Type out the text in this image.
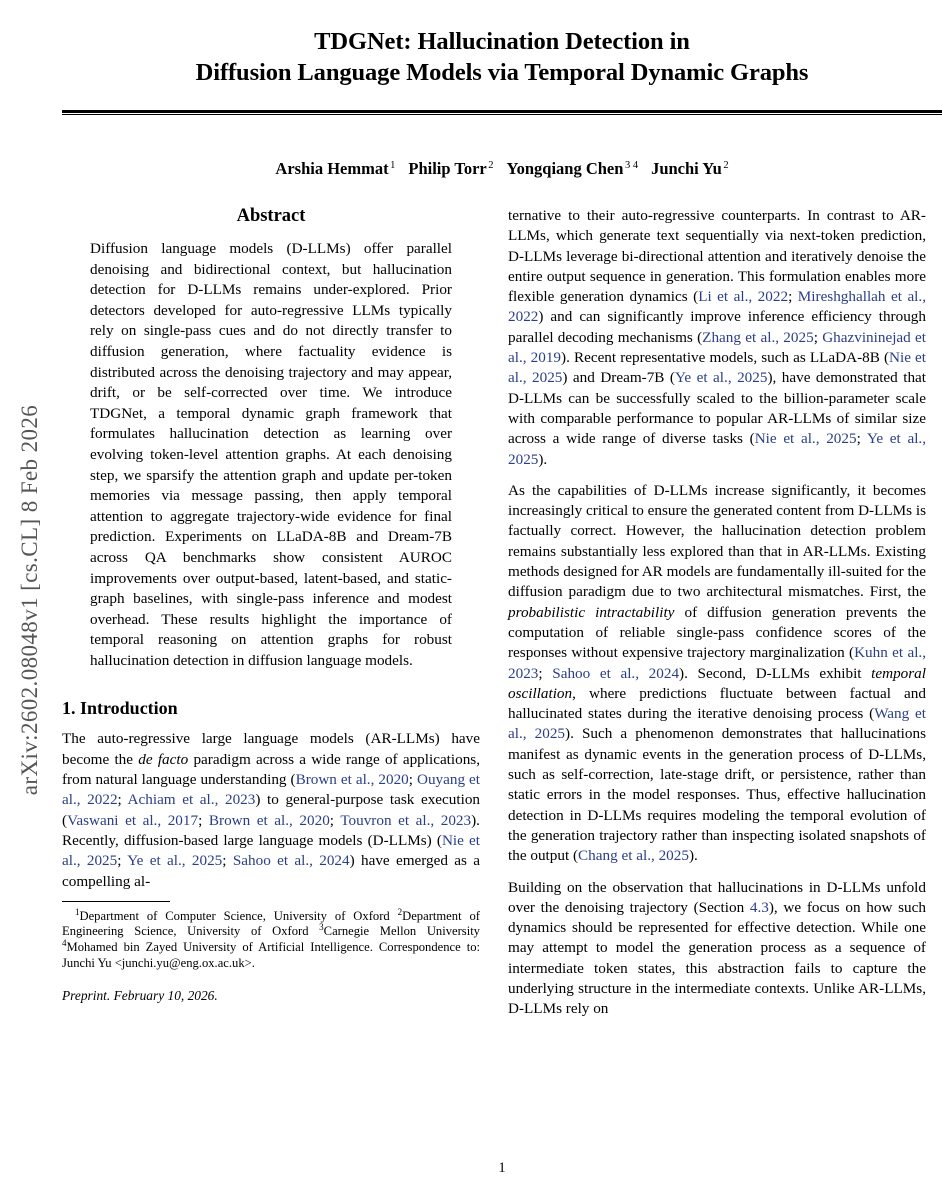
arXiv:2602.08048v1 [cs.CL] 8 Feb 2026
TDGNet: Hallucination Detection in
Diffusion Language Models via Temporal Dynamic Graphs
Arshia Hemmat $^1$ Philip Torr $^2$ Yongqiang Chen $^{3 4}$ Junchi Yu $^2$
Abstract
Diffusion language models (D-LLMs) offer parallel denoising and bidirectional context, but hallucination detection for D-LLMs remains under-explored. Prior detectors developed for auto-regressive LLMs typically rely on single-pass cues and do not directly transfer to diffusion generation, where factuality evidence is distributed across the denoising trajectory and may appear, drift, or be self-corrected over time. We introduce TDGNet, a temporal dynamic graph framework that formulates hallucination detection as learning over evolving token-level attention graphs. At each denoising step, we sparsify the attention graph and update per-token memories via message passing, then apply temporal attention to aggregate trajectory-wide evidence for final prediction. Experiments on LLaDA-8B and Dream-7B across QA benchmarks show consistent AUROC improvements over output-based, latent-based, and static-graph baselines, with single-pass inference and modest overhead. These results highlight the importance of temporal reasoning on attention graphs for robust hallucination detection in diffusion language models.
1. Introduction

The auto-regressive large language models (AR-LLMs) have become the de facto paradigm across a wide range of applications, from natural language understanding (Brown et al., 2020; Ouyang et al., 2022; Achiam et al., 2023) to general-purpose task execution (Vaswani et al., 2017; Brown et al., 2020; Touvron et al., 2023). Recently, diffusion-based large language models (D-LLMs) (Nie et al., 2025; Ye et al., 2025; Sahoo et al., 2024) have emerged as a compelling al-

$^1$Department of Computer Science, University of Oxford $^2$Department of Engineering Science, University of Oxford $^3$Carnegie Mellon University $^4$Mohamed bin Zayed University of Artificial Intelligence. Correspondence to: Junchi Yu <junchi.yu@eng.ox.ac.uk>.
Preprint. February 10, 2026.

ternative to their auto-regressive counterparts. In contrast to AR-LLMs, which generate text sequentially via next-token prediction, D-LLMs leverage bi-directional attention and iteratively denoise the entire output sequence in generation. This formulation enables more flexible generation dynamics (Li et al., 2022; Mireshghallah et al., 2022) and can significantly improve inference efficiency through parallel decoding mechanisms (Zhang et al., 2025; Ghazvininejad et al., 2019). Recent representative models, such as LLaDA-8B (Nie et al., 2025) and Dream-7B (Ye et al., 2025), have demonstrated that D-LLMs can be successfully scaled to the billion-parameter scale with comparable performance to popular AR-LLMs of similar size across a wide range of diverse tasks (Nie et al., 2025; Ye et al., 2025).

As the capabilities of D-LLMs increase significantly, it becomes increasingly critical to ensure the generated content from D-LLMs is factually correct. However, the hallucination detection problem remains substantially less explored than that in AR-LLMs. Existing methods designed for AR models are fundamentally ill-suited for the diffusion paradigm due to two architectural mismatches. First, the probabilistic intractability of diffusion generation prevents the computation of reliable single-pass confidence scores of the responses without expensive trajectory marginalization (Kuhn et al., 2023; Sahoo et al., 2024). Second, D-LLMs exhibit temporal oscillation, where predictions fluctuate between factual and hallucinated states during the iterative denoising process (Wang et al., 2025). Such a phenomenon demonstrates that hallucinations manifest as dynamic events in the generation process of D-LLMs, such as self-correction, late-stage drift, or persistence, rather than static errors in the model responses. Thus, effective hallucination detection in D-LLMs requires modeling the temporal evolution of the generation trajectory rather than inspecting isolated snapshots of the output (Chang et al., 2025).

Building on the observation that hallucinations in D-LLMs unfold over the denoising trajectory (Section 4.3), we focus on how such dynamics should be represented for effective detection. While one may attempt to model the generation process as a sequence of intermediate token states, this abstraction fails to capture the underlying structure in the intermediate contexts. Unlike AR-LLMs, D-LLMs rely on

1
